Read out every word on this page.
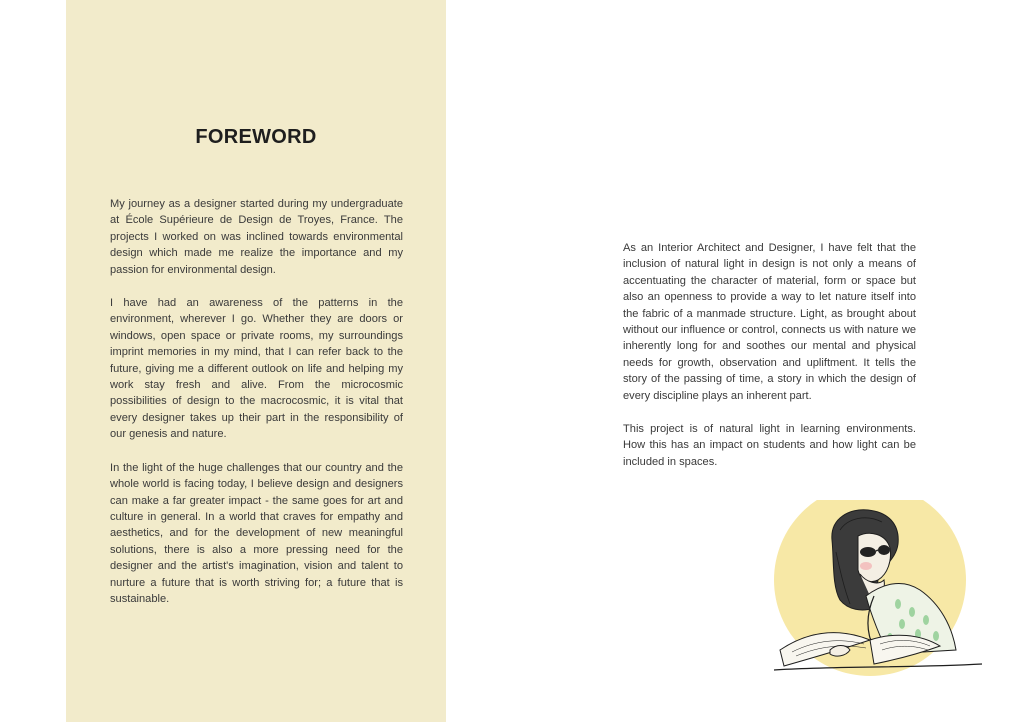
FOREWORD

My journey as a designer started during my undergraduate at École Supérieure de Design de Troyes, France. The projects I worked on was inclined towards environmental design which made me realize the importance and my passion for environmental design.

I have had an awareness of the patterns in the environment, wherever I go. Whether they are doors or windows, open space or private rooms, my surroundings imprint memories in my mind, that I can refer back to the future, giving me a different outlook on life and helping my work stay fresh and alive. From the microcosmic possibilities of design to the macrocosmic, it is vital that every designer takes up their part in the responsibility of our genesis and nature.

In the light of the huge challenges that our country and the whole world is facing today, I believe design and designers can make a far greater impact - the same goes for art and culture in general. In a world that craves for empathy and aesthetics, and for the development of new meaningful solutions, there is also a more pressing need for the designer and the artist's imagination, vision and talent to nurture a future that is worth striving for; a future that is sustainable.

As an Interior Architect and Designer, I have felt that the inclusion of natural light in design is not only a means of accentuating the character of material, form or space but also an openness to provide a way to let nature itself into the fabric of a manmade structure. Light, as brought about without our influence or control, connects us with nature we inherently long for and soothes our mental and physical needs for growth, observation and upliftment. It tells the story of the passing of time, a story in which the design of every discipline plays an inherent part.

This project is of natural light in learning environments. How this has an impact on students and how light can be included in spaces.
